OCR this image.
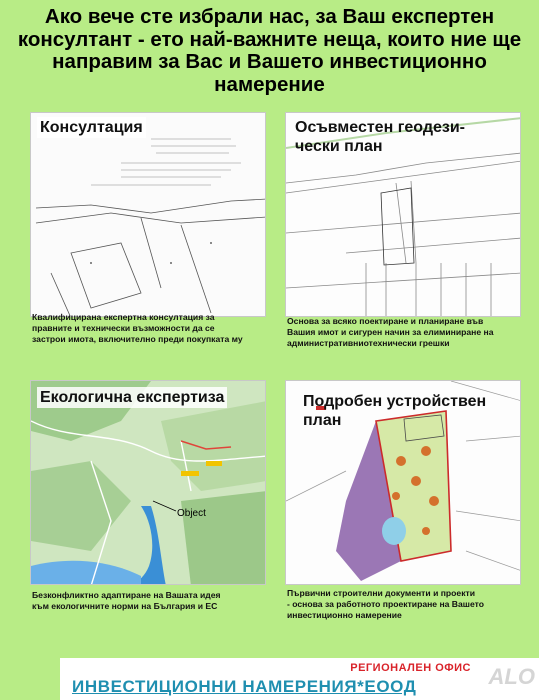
Ако вече сте избрали нас, за Ваш експертен консултант - ето най-важните неща, които ние ще направим за Вас и Вашето инвестиционно намерение
Консултация	Осъвместен геодези-
чески план
Квалифицирана експертна консултация за
правните и технически възможности да се
застрои имота, включително преди покупката му
Основа за всяко поектиране и планиране във
Вашия имот и сигурен начин за елиминиране на
административниотехнически грешки
Екологична експертиза
Object
Подробен устройствен
план
Безконфликтно адаптиране на Вашата идея
към екологичните норми на България и ЕС
Първични строителни документи и проекти
- основа за работното проектиране на Вашето
инвестиционно намерение
РЕГИОНАЛЕН ОФИС
ИНВЕСТИЦИОННИ НАМЕРЕНИЯ*ЕООД	ALO
